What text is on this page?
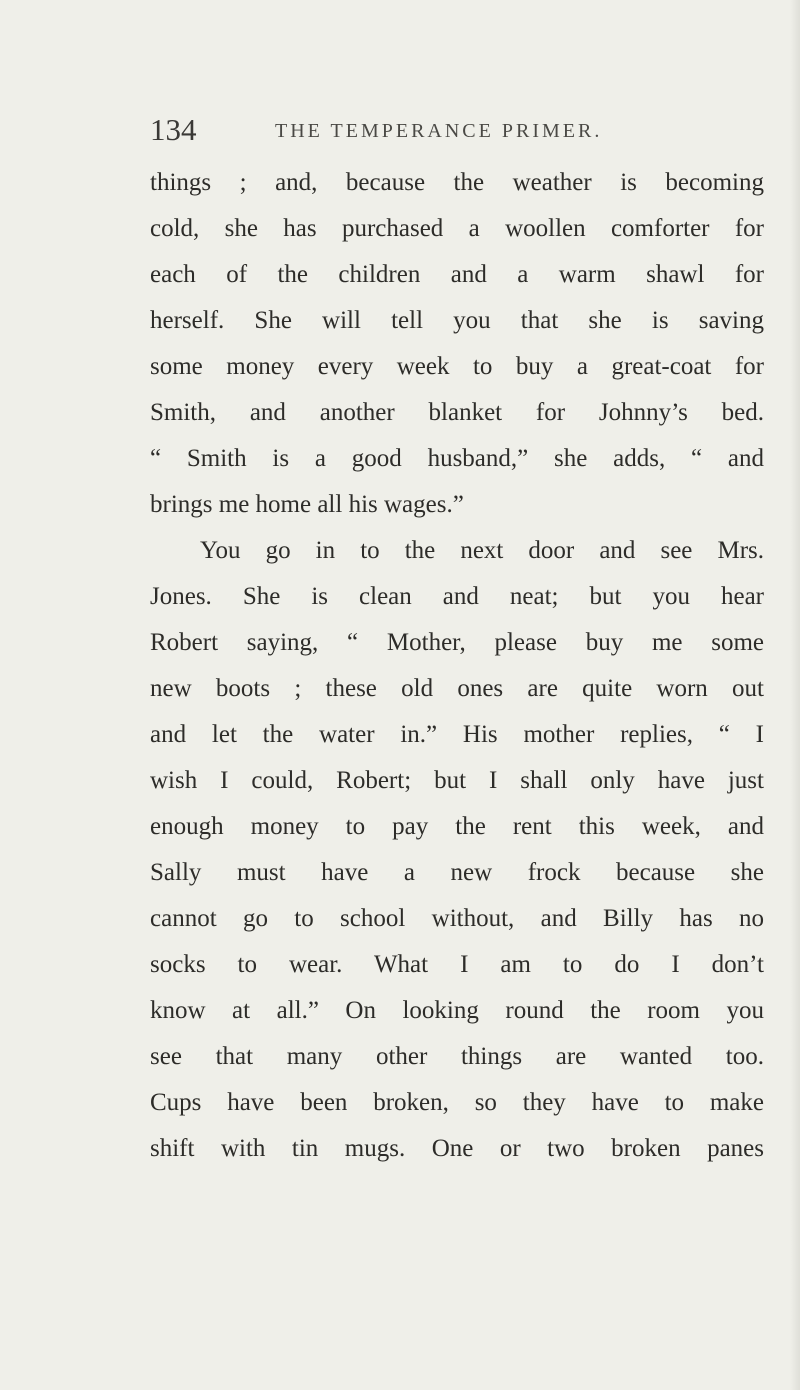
134	THE TEMPERANCE PRIMER.
things ; and, because the weather is becoming
cold, she has purchased a woollen comforter for
each of the children and a warm shawl for
herself. She will tell you that she is saving
some money every week to buy a great-coat for
Smith, and another blanket for Johnny’s bed.
“ Smith is a good husband,” she adds, “ and
brings me home all his wages.”
You go in to the next door and see Mrs.
Jones. She is clean and neat; but you hear
Robert saying, “ Mother, please buy me some
new boots ; these old ones are quite worn out
and let the water in.” His mother replies, “ I
wish I could, Robert; but I shall only have just
enough money to pay the rent this week, and
Sally must have a new frock because she
cannot go to school without, and Billy has no
socks to wear. What I am to do I don’t
know at all.” On looking round the room you
see that many other things are wanted too.
Cups have been broken, so they have to make
shift with tin mugs. One or two broken panes
